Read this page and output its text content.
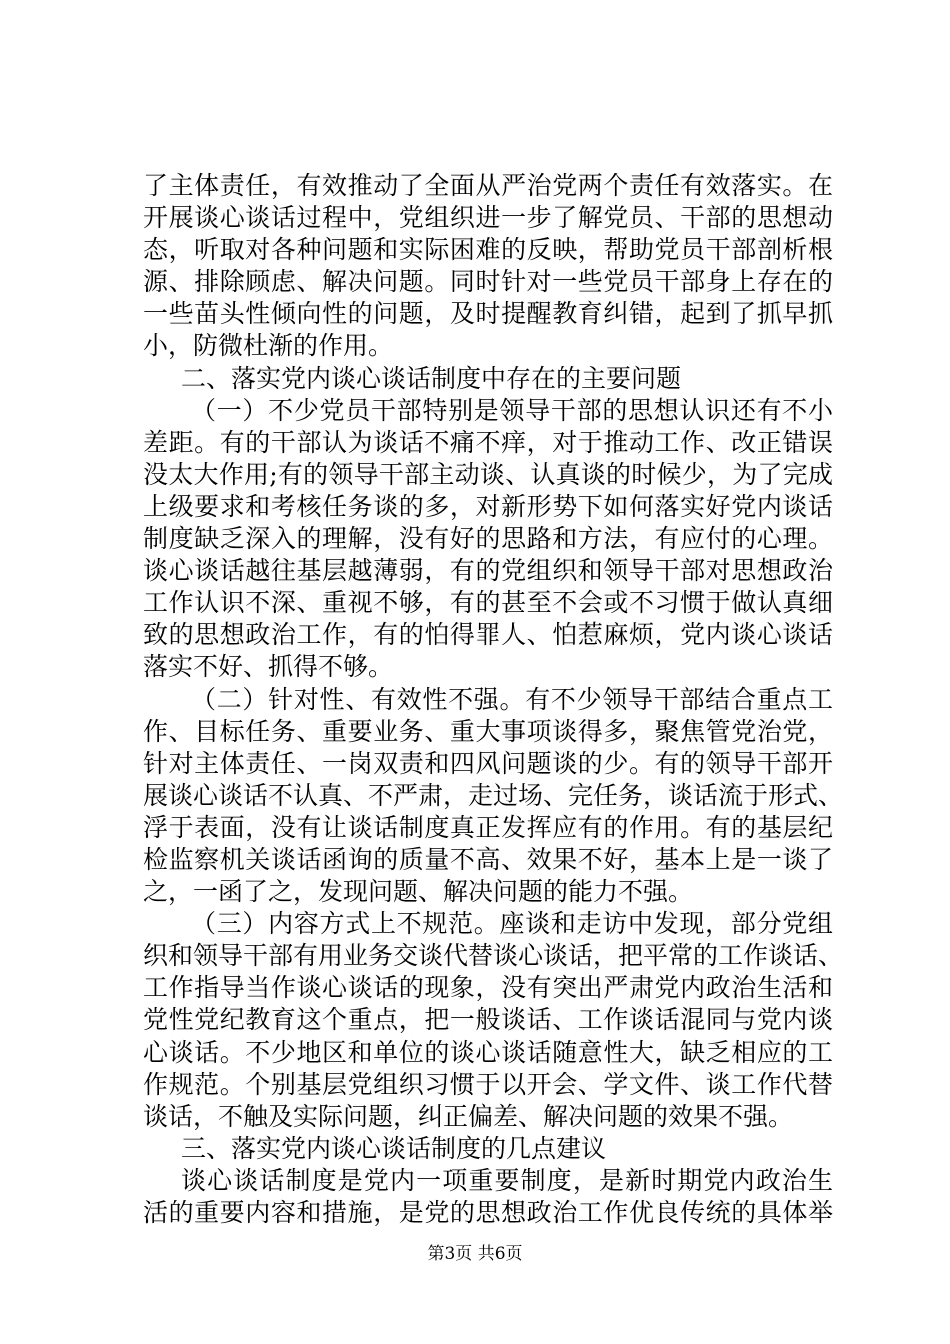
了主体责任，有效推动了全面从严治党两个责任有效落实。在
开展谈心谈话过程中，党组织进一步了解党员、干部的思想动
态，听取对各种问题和实际困难的反映，帮助党员干部剖析根
源、排除顾虑、解决问题。同时针对一些党员干部身上存在的
一些苗头性倾向性的问题，及时提醒教育纠错，起到了抓早抓
小，防微杜渐的作用。
二、落实党内谈心谈话制度中存在的主要问题
（一）不少党员干部特别是领导干部的思想认识还有不小
差距。有的干部认为谈话不痛不痒，对于推动工作、改正错误
没太大作用;有的领导干部主动谈、认真谈的时候少，为了完成
上级要求和考核任务谈的多，对新形势下如何落实好党内谈话
制度缺乏深入的理解，没有好的思路和方法，有应付的心理。
谈心谈话越往基层越薄弱，有的党组织和领导干部对思想政治
工作认识不深、重视不够，有的甚至不会或不习惯于做认真细
致的思想政治工作，有的怕得罪人、怕惹麻烦，党内谈心谈话
落实不好、抓得不够。
（二）针对性、有效性不强。有不少领导干部结合重点工
作、目标任务、重要业务、重大事项谈得多，聚焦管党治党，
针对主体责任、一岗双责和四风问题谈的少。有的领导干部开
展谈心谈话不认真、不严肃，走过场、完任务，谈话流于形式、
浮于表面，没有让谈话制度真正发挥应有的作用。有的基层纪
检监察机关谈话函询的质量不高、效果不好，基本上是一谈了
之，一函了之，发现问题、解决问题的能力不强。
（三）内容方式上不规范。座谈和走访中发现，部分党组
织和领导干部有用业务交谈代替谈心谈话，把平常的工作谈话、
工作指导当作谈心谈话的现象，没有突出严肃党内政治生活和
党性党纪教育这个重点，把一般谈话、工作谈话混同与党内谈
心谈话。不少地区和单位的谈心谈话随意性大，缺乏相应的工
作规范。个别基层党组织习惯于以开会、学文件、谈工作代替
谈话，不触及实际问题，纠正偏差、解决问题的效果不强。
三、落实党内谈心谈话制度的几点建议
谈心谈话制度是党内一项重要制度，是新时期党内政治生
活的重要内容和措施，是党的思想政治工作优良传统的具体举
第3页 共6页
